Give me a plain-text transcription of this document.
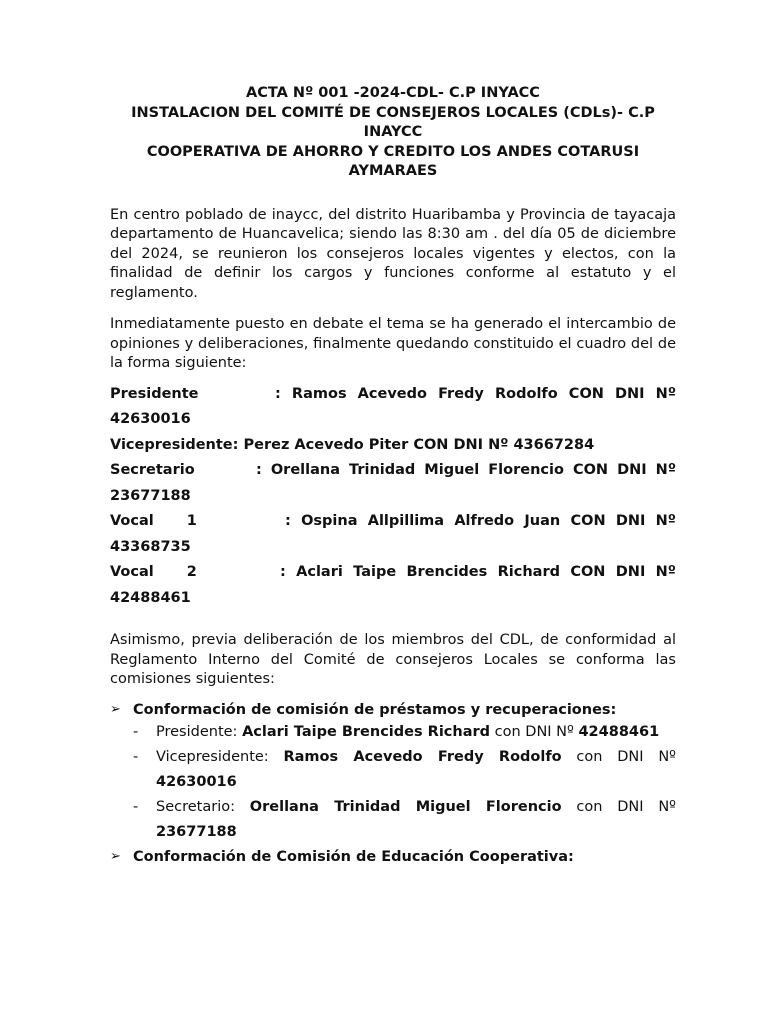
ACTA Nº 001 -2024-CDL- C.P INYACC

INSTALACION DEL COMITÉ DE CONSEJEROS LOCALES (CDLs)- C.P INAYCC

COOPERATIVA DE AHORRO Y CREDITO LOS ANDES COTARUSI AYMARAES

En centro poblado de inaycc, del distrito Huaribamba y Provincia de tayacaja departamento de Huancavelica; siendo las 8:30 am . del día 05 de diciembre del 2024, se reunieron los consejeros locales vigentes y electos, con la finalidad de definir los cargos y funciones conforme al estatuto y el reglamento.

Inmediatamente puesto en debate el tema se ha generado el intercambio de opiniones y deliberaciones, finalmente quedando constituido el cuadro del de la forma siguiente:

Presidente	: Ramos Acevedo Fredy Rodolfo CON DNI Nº 42630016

Vicepresidente: Perez Acevedo Piter CON DNI Nº 43667284

Secretario	: Orellana Trinidad Miguel Florencio CON DNI Nº 23677188

Vocal 1	: Ospina Allpillima Alfredo Juan CON DNI Nº 43368735

Vocal 2	: Aclari Taipe Brencides Richard CON DNI Nº 42488461

Asimismo, previa deliberación de los miembros del CDL, de conformidad al Reglamento Interno del Comité de consejeros Locales se conforma las comisiones siguientes:

➢ Conformación de comisión de préstamos y recuperaciones:

-	Presidente: Aclari Taipe Brencides Richard con DNI Nº 42488461
-	Vicepresidente: Ramos Acevedo Fredy Rodolfo con DNI Nº 42630016
-	Secretario: Orellana Trinidad Miguel Florencio con DNI Nº 23677188

➢ Conformación de Comisión de Educación Cooperativa:
